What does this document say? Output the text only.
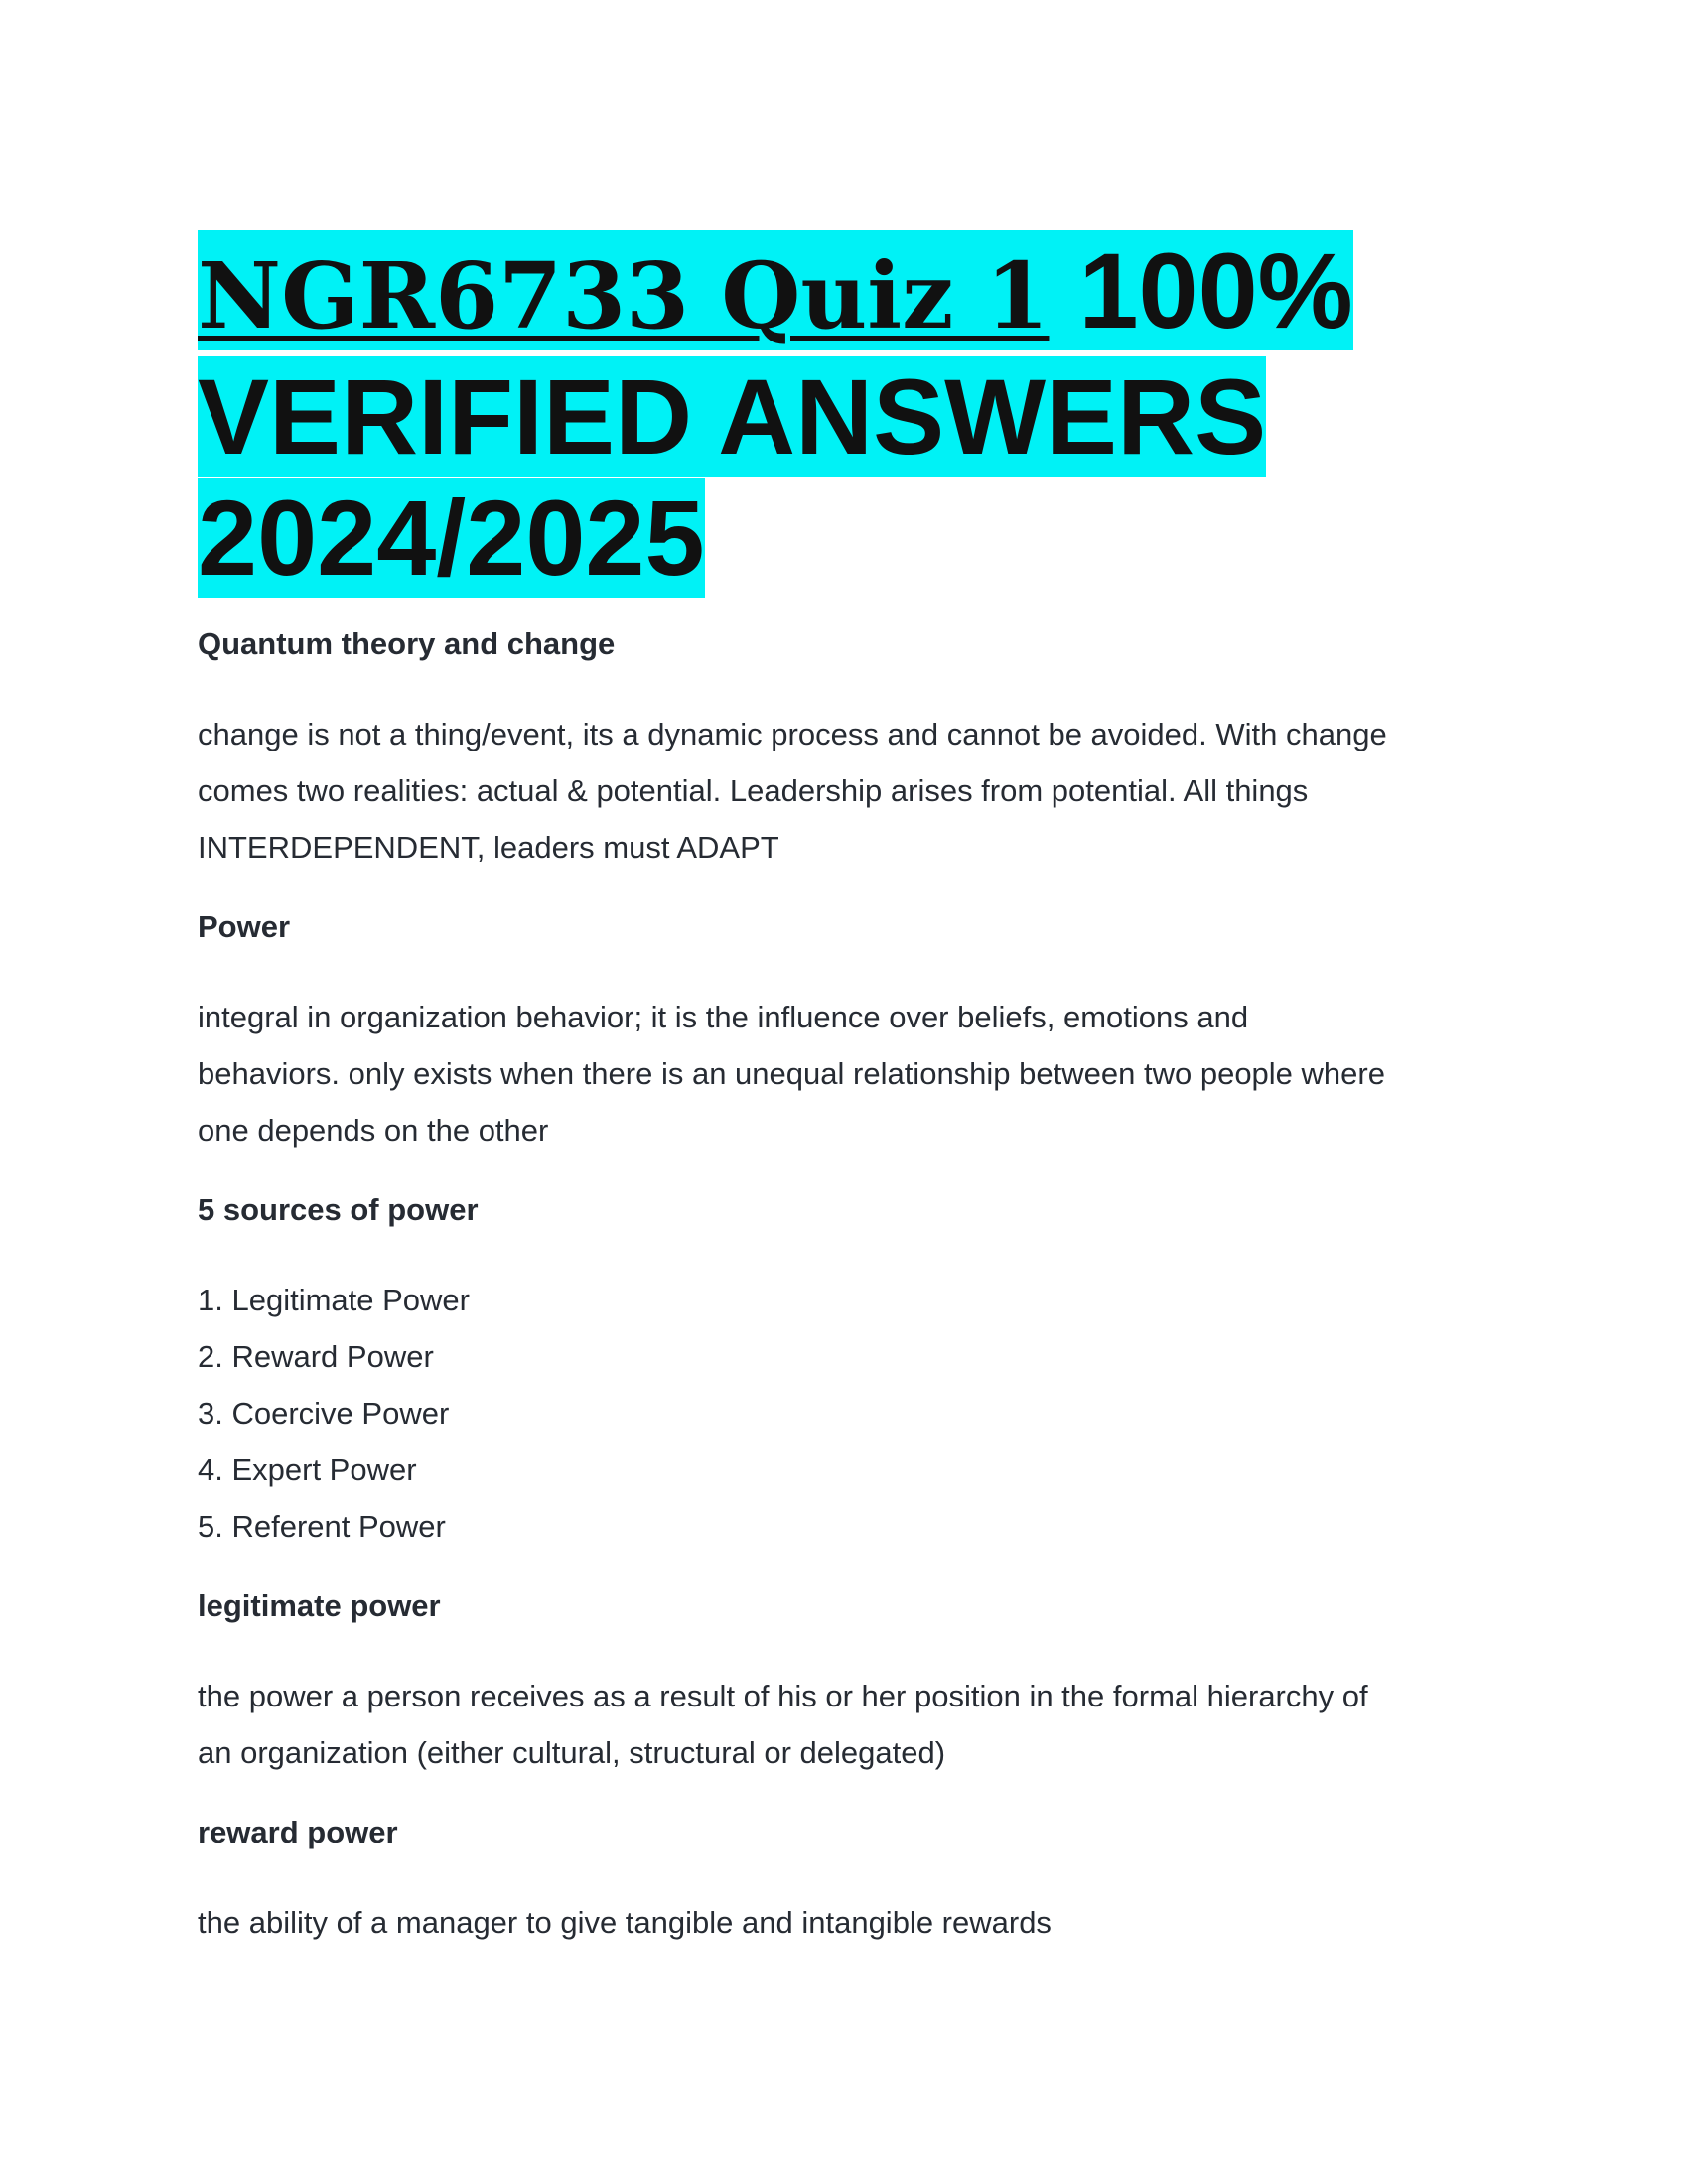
NGR6733 Quiz 1 100%
VERIFIED ANSWERS
2024/2025

Quantum theory and change

change is not a thing/event, its a dynamic process and cannot be avoided. With change

comes two realities: actual & potential. Leadership arises from potential. All things

INTERDEPENDENT, leaders must ADAPT

Power

integral in organization behavior; it is the influence over beliefs, emotions and

behaviors. only exists when there is an unequal relationship between two people where

one depends on the other

5 sources of power

1. Legitimate Power
2. Reward Power
3. Coercive Power
4. Expert Power
5. Referent Power

legitimate power

the power a person receives as a result of his or her position in the formal hierarchy of

an organization (either cultural, structural or delegated)

reward power

the ability of a manager to give tangible and intangible rewards
